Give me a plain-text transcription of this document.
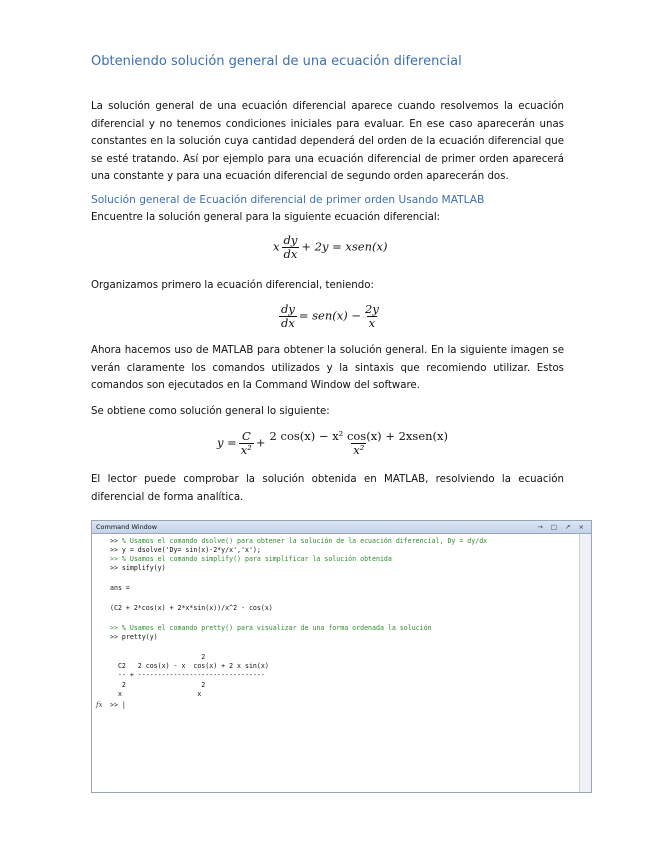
Obteniendo solución general de una ecuación diferencial
La solución general de una ecuación diferencial aparece cuando resolvemos la ecuación diferencial y no tenemos condiciones iniciales para evaluar. En ese caso aparecerán unas constantes en la solución cuya cantidad dependerá del orden de la ecuación diferencial que se esté tratando. Así por ejemplo para una ecuación diferencial de primer orden aparecerá una constante y para una ecuación diferencial de segundo orden aparecerán dos.
Solución general de Ecuación diferencial de primer orden Usando MATLAB
Encuentre la solución general para la siguiente ecuación diferencial:
x $\frac{dy}{dx} + 2y$ = xsen(x)
Organizamos primero la ecuación diferencial, teniendo:
$\frac{dy}{dx} = sen(x) - \frac{2y}{x}$
Ahora hacemos uso de MATLAB para obtener la solución general. En la siguiente imagen se verán claramente los comandos utilizados y la sintaxis que recomiendo utilizar. Estos comandos son ejecutados en la Command Window del software.
Se obtiene como solución general lo siguiente:
$y = \frac{C}{\text{x²}} + \frac{\text{2 cos(x) − x² cos(x) + 2xsen(x)}}{\text{x²}}$
El lector puede comprobar la solución obtenida en MATLAB, resolviendo la ecuación diferencial de forma analítica.
Command Window	→ □ ↗ ×
>> % Usamos el comando dsolve() para obtener la solución de la ecuación diferencial, Dy = dy/dx
>> y = dsolve('Dy= sin(x)-2*y/x','x');
>> % Usamos el comando simplify() para simplificar la solución obtenida
>> simplify(y)
ans =
(C2 + 2*cos(x) + 2*x*sin(x))/x^2 - cos(x)
>> % Usamos el comando pretty() para visualizar de una forma ordenada la solución
>> pretty(y)
2
C2   2 cos(x) - x  cos(x) + 2 x sin(x)
-- + --------------------------------
2                   2
x                   x
>> |
fx
